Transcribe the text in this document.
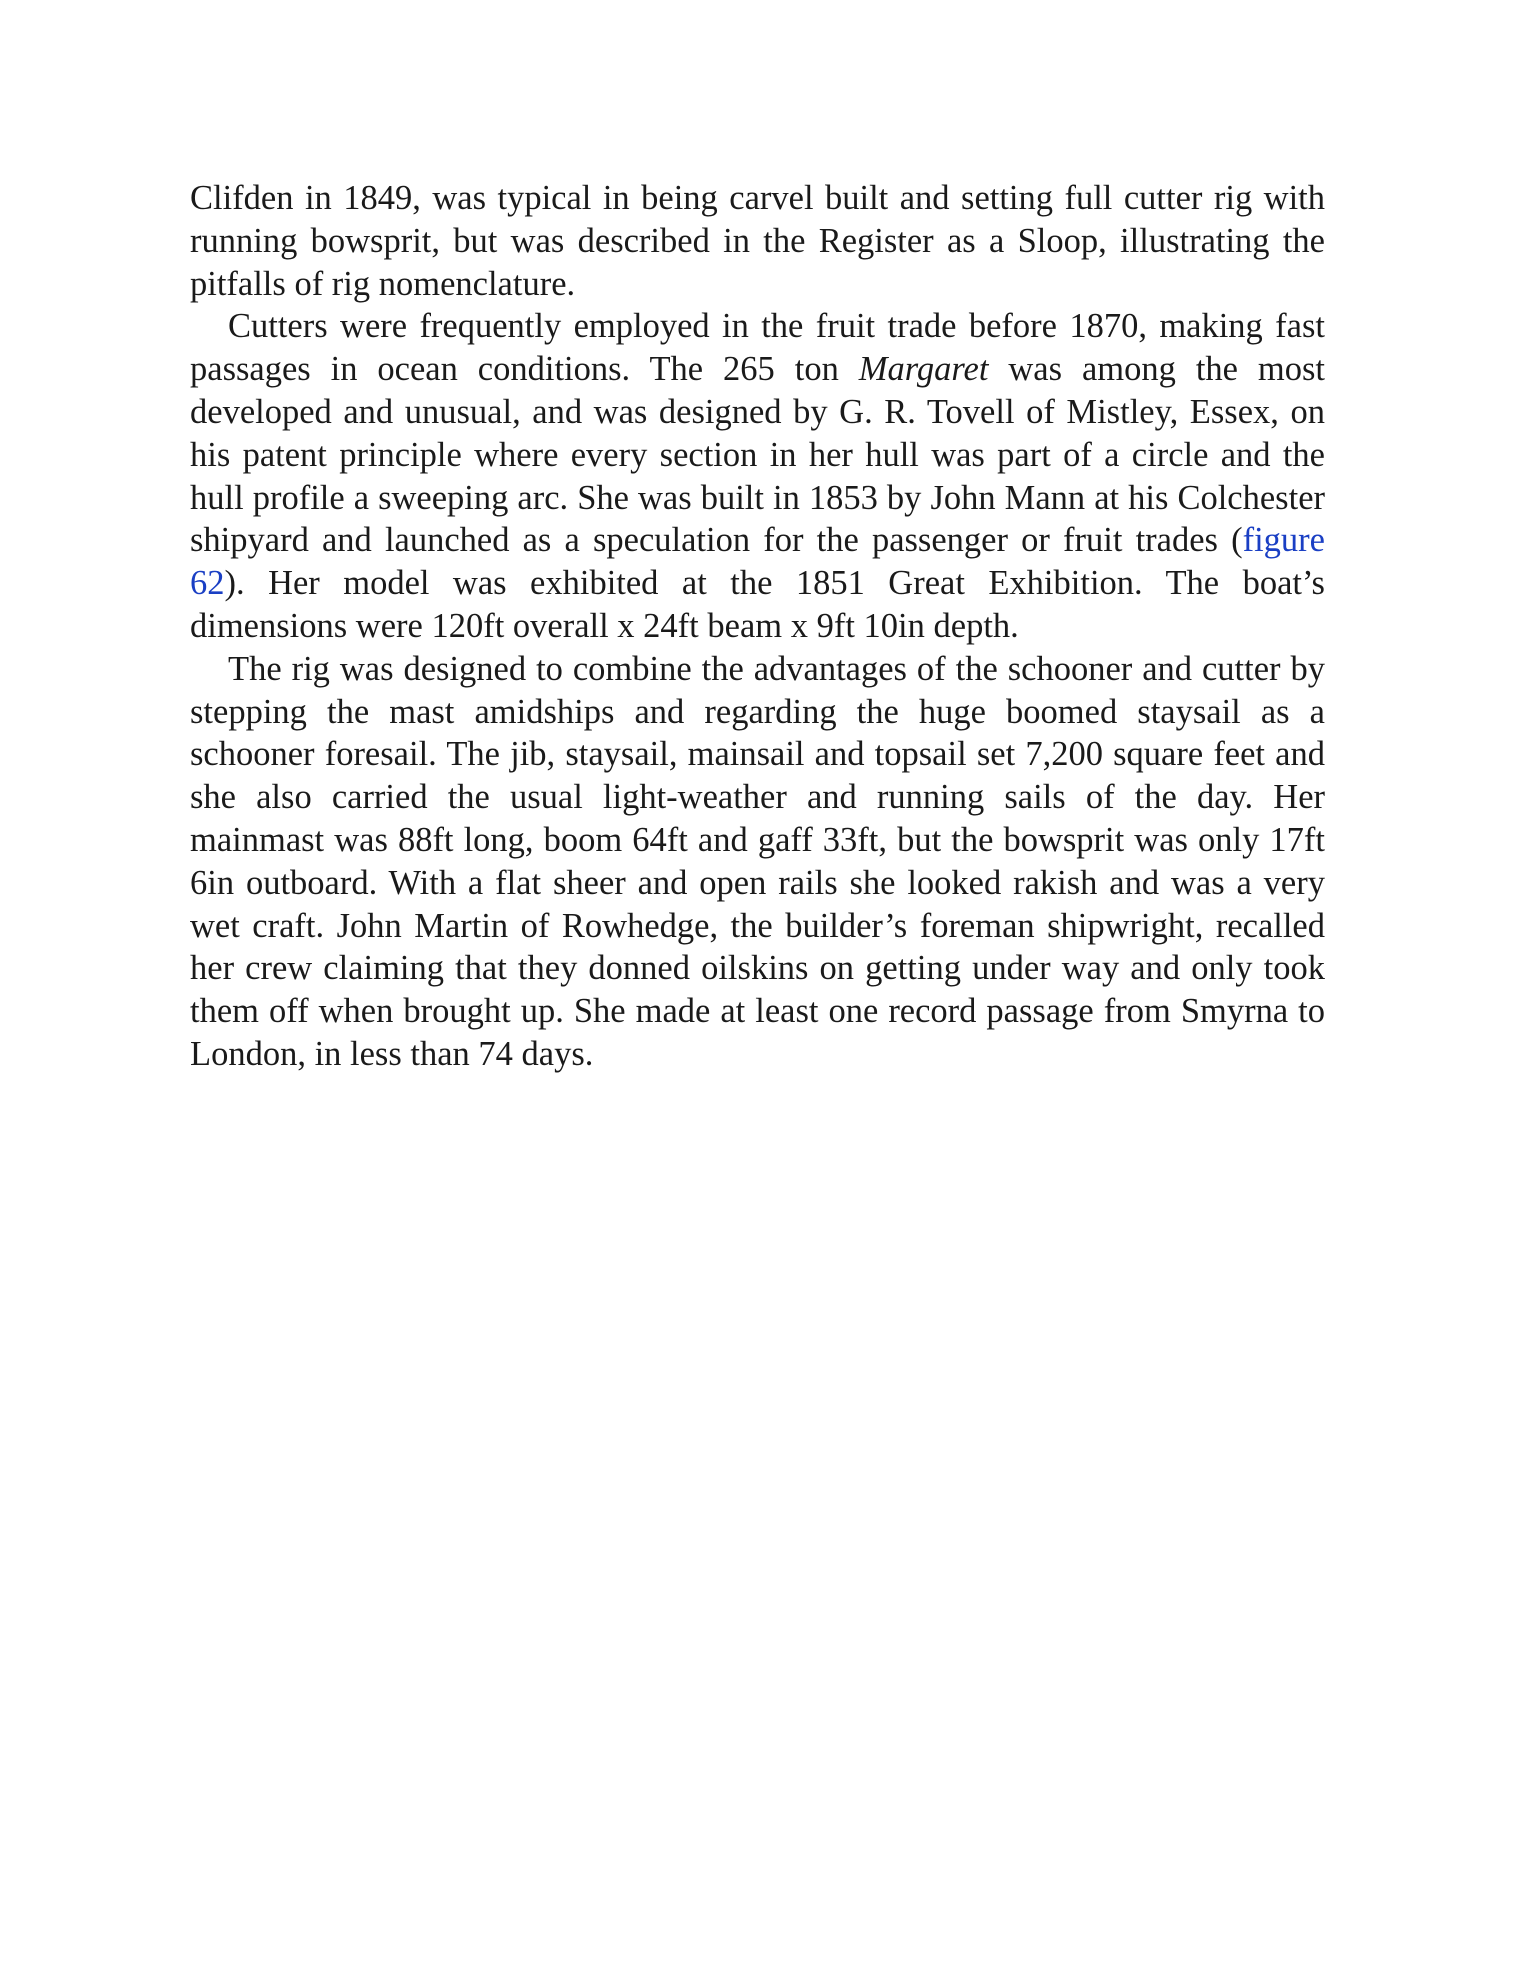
Clifden in 1849, was typical in being carvel built and setting full cutter rig with running bowsprit, but was described in the Register as a Sloop, illustrating the pitfalls of rig nomenclature.

Cutters were frequently employed in the fruit trade before 1870, making fast passages in ocean conditions. The 265 ton Margaret was among the most developed and unusual, and was designed by G. R. Tovell of Mistley, Essex, on his patent principle where every section in her hull was part of a circle and the hull profile a sweeping arc. She was built in 1853 by John Mann at his Colchester shipyard and launched as a speculation for the passenger or fruit trades (figure 62). Her model was exhibited at the 1851 Great Exhibition. The boat’s dimensions were 120ft overall x 24ft beam x 9ft 10in depth.

The rig was designed to combine the advantages of the schooner and cutter by stepping the mast amidships and regarding the huge boomed staysail as a schooner foresail. The jib, staysail, mainsail and topsail set 7,200 square feet and she also carried the usual light-weather and running sails of the day. Her mainmast was 88ft long, boom 64ft and gaff 33ft, but the bowsprit was only 17ft 6in outboard. With a flat sheer and open rails she looked rakish and was a very wet craft. John Martin of Rowhedge, the builder’s foreman shipwright, recalled her crew claiming that they donned oilskins on getting under way and only took them off when brought up. She made at least one record passage from Smyrna to London, in less than 74 days.
